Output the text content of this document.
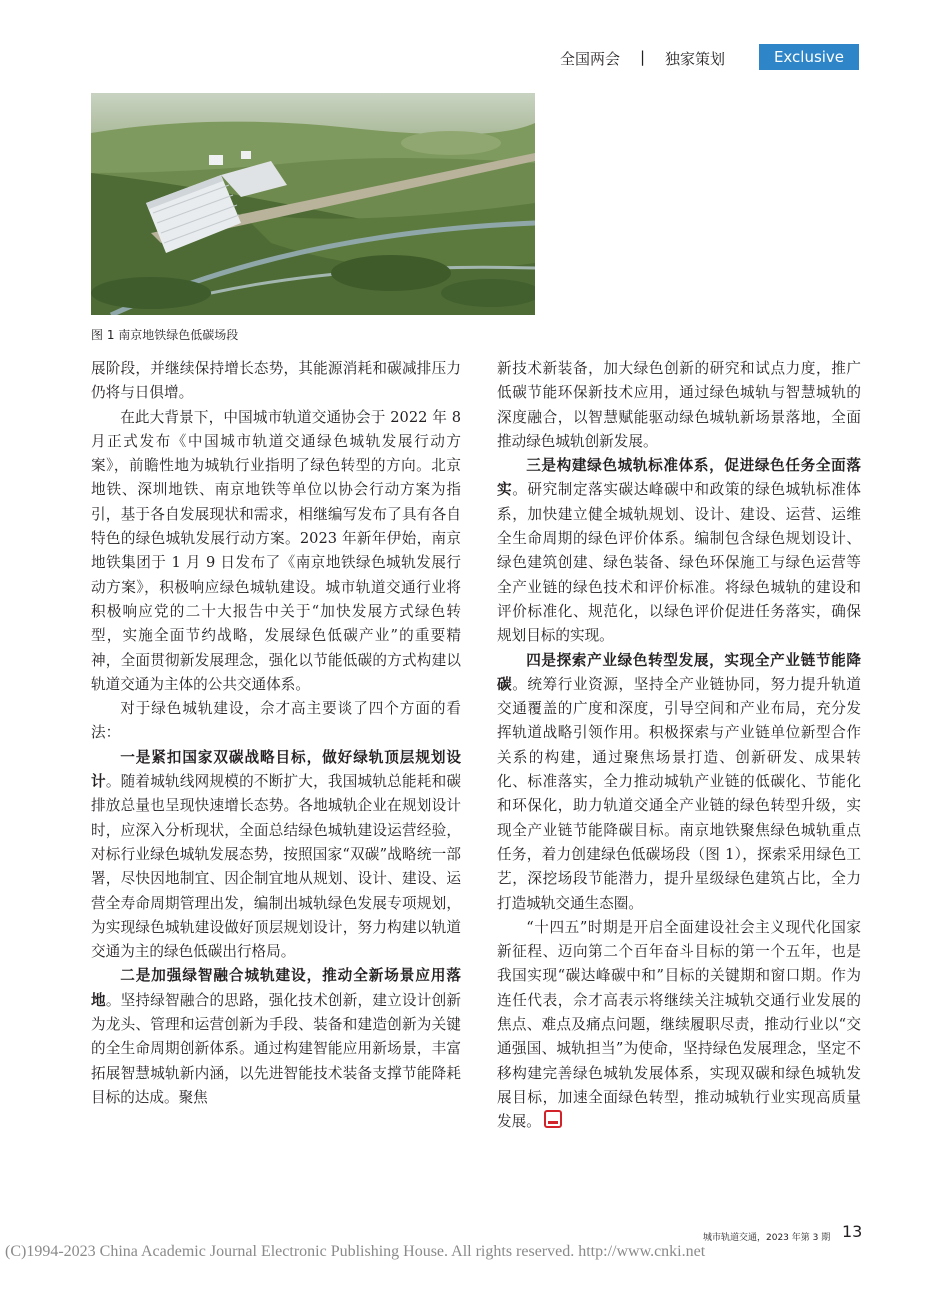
全国两会 | 独家策划	Exclusive
图 1 南京地铁绿色低碳场段

展阶段，并继续保持增长态势，其能源消耗和碳减排压力仍将与日俱增。

在此大背景下，中国城市轨道交通协会于 2022 年 8 月正式发布《中国城市轨道交通绿色城轨发展行动方案》，前瞻性地为城轨行业指明了绿色转型的方向。北京地铁、深圳地铁、南京地铁等单位以协会行动方案为指引，基于各自发展现状和需求，相继编写发布了具有各自特色的绿色城轨发展行动方案。2023 年新年伊始，南京地铁集团于 1 月 9 日发布了《南京地铁绿色城轨发展行动方案》，积极响应绿色城轨建设。城市轨道交通行业将积极响应党的二十大报告中关于“加快发展方式绿色转型，实施全面节约战略，发展绿色低碳产业”的重要精神，全面贯彻新发展理念，强化以节能低碳的方式构建以轨道交通为主体的公共交通体系。

对于绿色城轨建设，佘才高主要谈了四个方面的看法：

一是紧扣国家双碳战略目标，做好绿轨顶层规划设计。随着城轨线网规模的不断扩大，我国城轨总能耗和碳排放总量也呈现快速增长态势。各地城轨企业在规划设计时，应深入分析现状，全面总结绿色城轨建设运营经验，对标行业绿色城轨发展态势，按照国家“双碳”战略统一部署，尽快因地制宜、因企制宜地从规划、设计、建设、运营全寿命周期管理出发，编制出城轨绿色发展专项规划，为实现绿色城轨建设做好顶层规划设计，努力构建以轨道交通为主的绿色低碳出行格局。

二是加强绿智融合城轨建设，推动全新场景应用落地。坚持绿智融合的思路，强化技术创新，建立设计创新为龙头、管理和运营创新为手段、装备和建造创新为关键的全生命周期创新体系。通过构建智能应用新场景，丰富拓展智慧城轨新内涵，以先进智能技术装备支撑节能降耗目标的达成。聚焦

新技术新装备，加大绿色创新的研究和试点力度，推广低碳节能环保新技术应用，通过绿色城轨与智慧城轨的深度融合，以智慧赋能驱动绿色城轨新场景落地，全面推动绿色城轨创新发展。

三是构建绿色城轨标准体系，促进绿色任务全面落实。研究制定落实碳达峰碳中和政策的绿色城轨标准体系，加快建立健全城轨规划、设计、建设、运营、运维全生命周期的绿色评价体系。编制包含绿色规划设计、绿色建筑创建、绿色装备、绿色环保施工与绿色运营等全产业链的绿色技术和评价标准。将绿色城轨的建设和评价标准化、规范化，以绿色评价促进任务落实，确保规划目标的实现。

四是探索产业绿色转型发展，实现全产业链节能降碳。统筹行业资源，坚持全产业链协同，努力提升轨道交通覆盖的广度和深度，引导空间和产业布局，充分发挥轨道战略引领作用。积极探索与产业链单位新型合作关系的构建，通过聚焦场景打造、创新研发、成果转化、标准落实，全力推动城轨产业链的低碳化、节能化和环保化，助力轨道交通全产业链的绿色转型升级，实现全产业链节能降碳目标。南京地铁聚焦绿色城轨重点任务，着力创建绿色低碳场段（图 1），探索采用绿色工艺，深挖场段节能潜力，提升星级绿色建筑占比，全力打造城轨交通生态圈。

“十四五”时期是开启全面建设社会主义现代化国家新征程、迈向第二个百年奋斗目标的第一个五年，也是我国实现“碳达峰碳中和”目标的关键期和窗口期。作为连任代表，佘才高表示将继续关注城轨交通行业发展的焦点、难点及痛点问题，继续履职尽责，推动行业以“交通强国、城轨担当”为使命，坚持绿色发展理念，坚定不移构建完善绿色城轨发展体系，实现双碳和绿色城轨发展目标，加速全面绿色转型，推动城轨行业实现高质量发展。

城市轨道交通，2023 年第 3 期 13
(C)1994-2023 China Academic Journal Electronic Publishing House. All rights reserved. http://www.cnki.net
